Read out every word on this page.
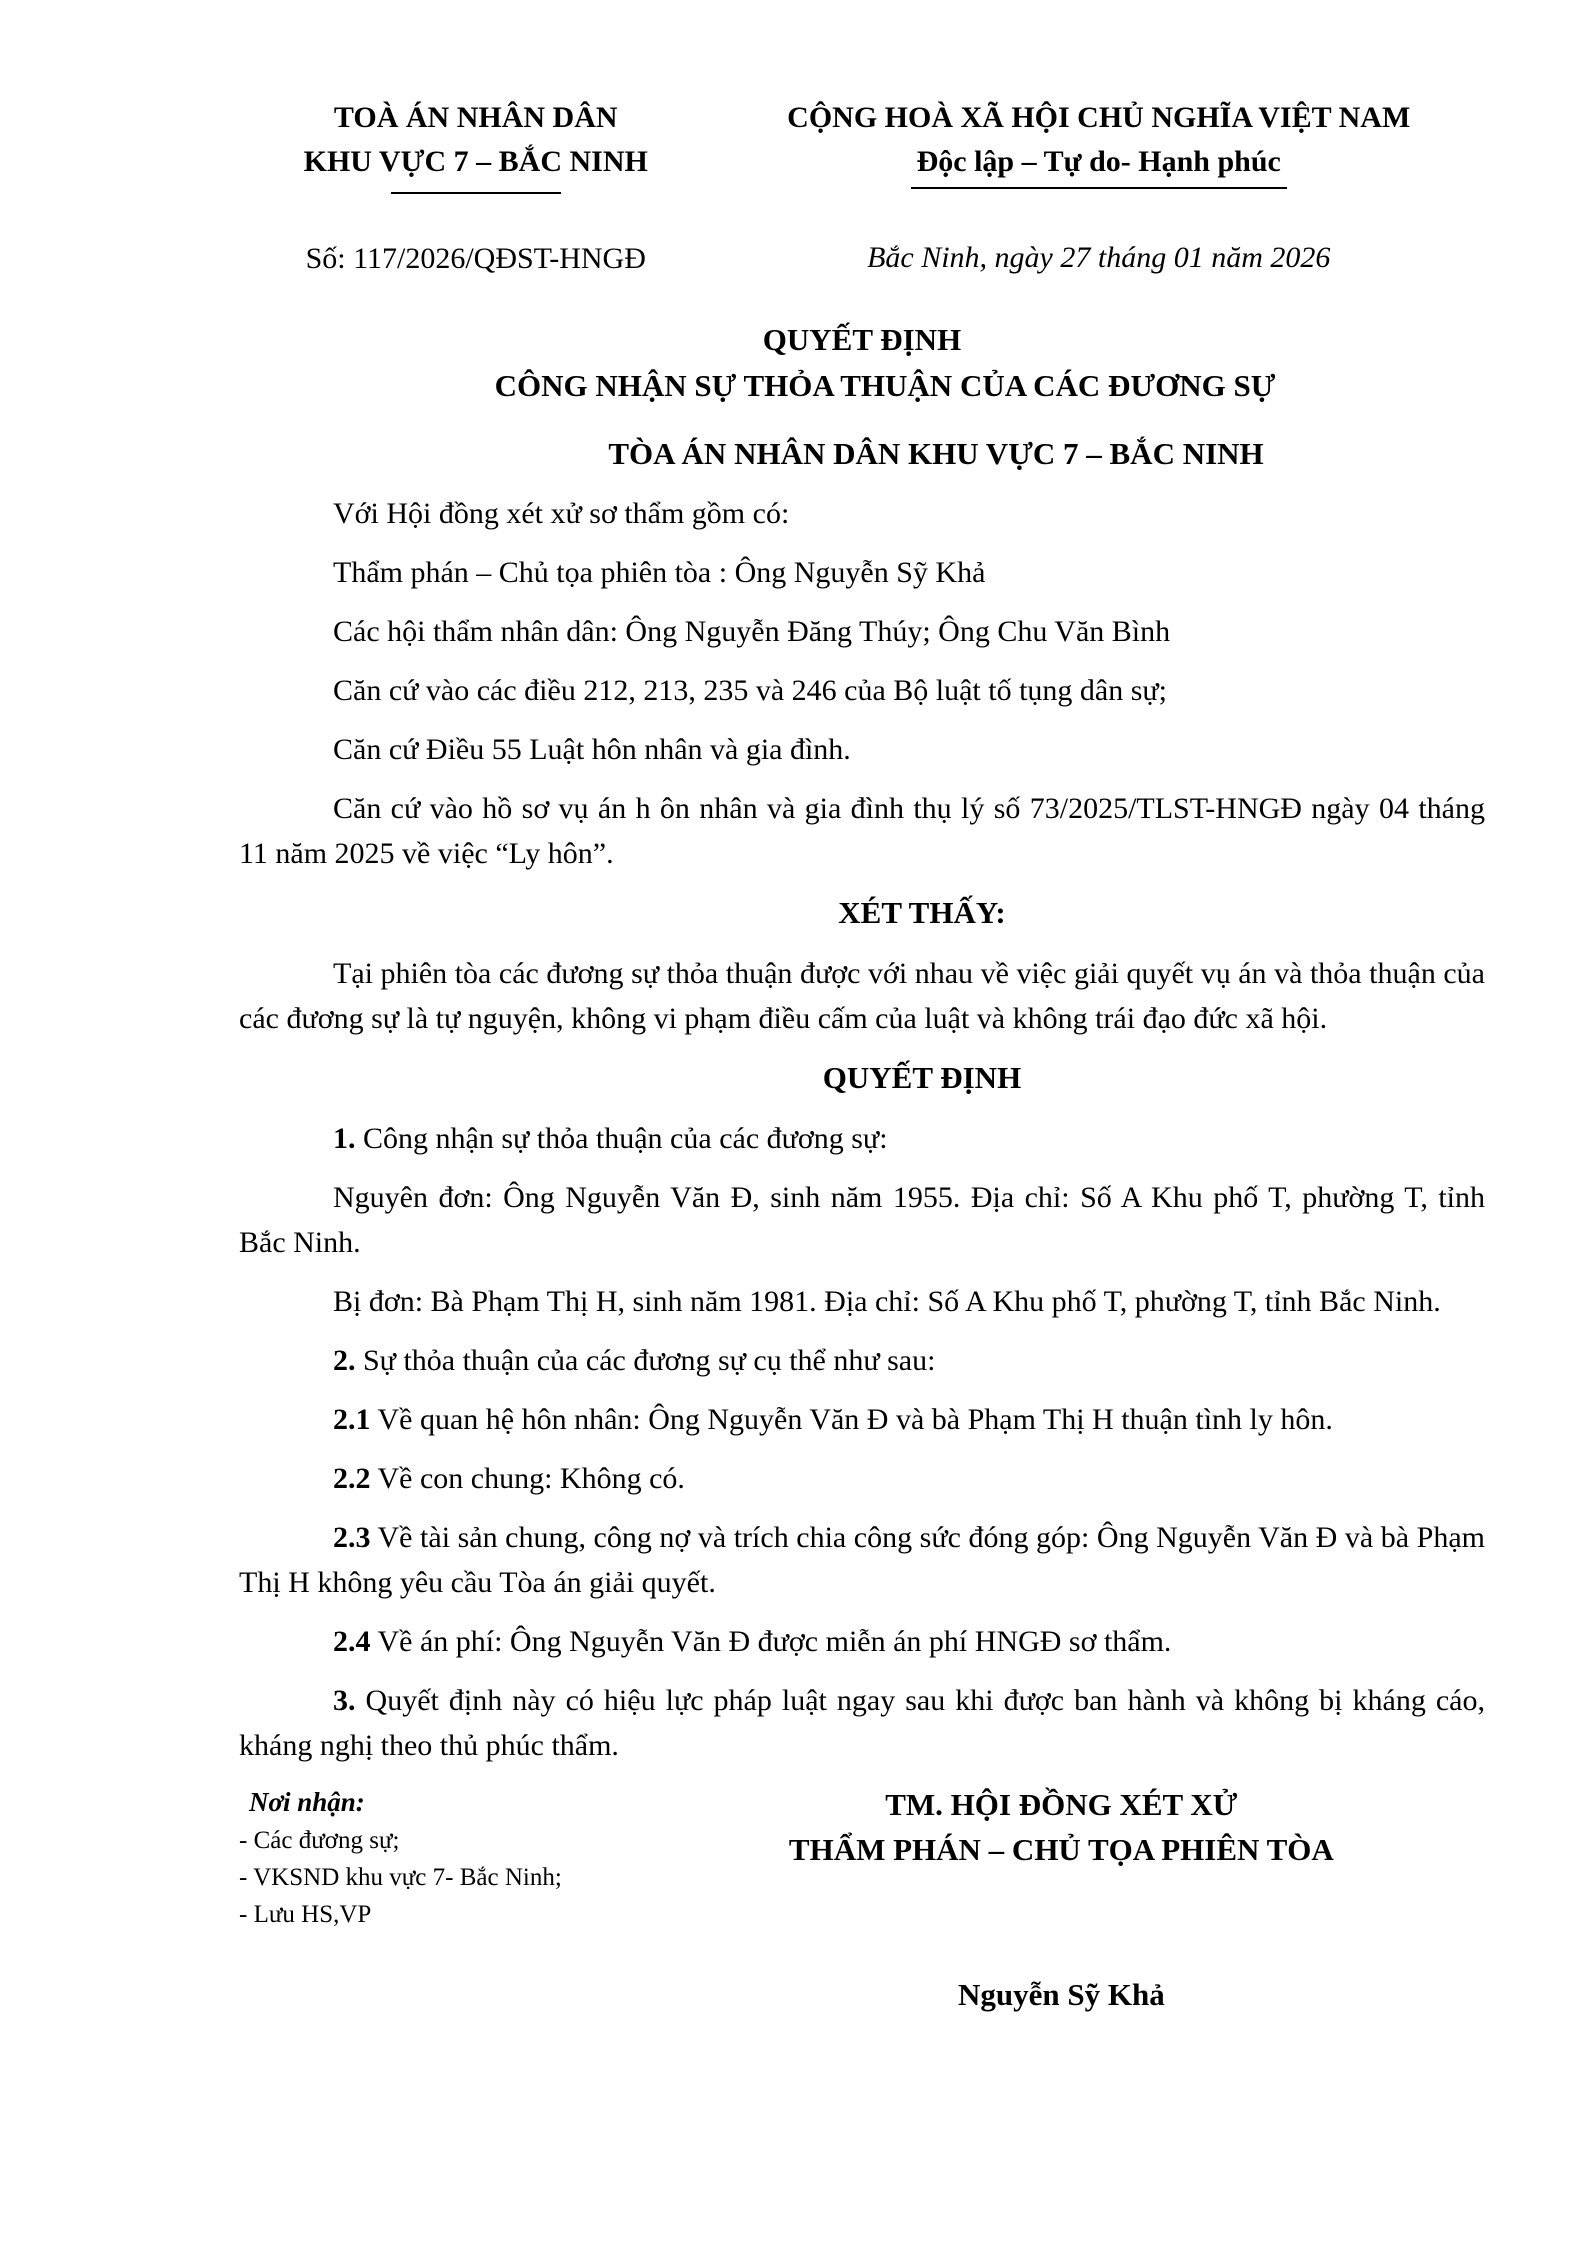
TOÀ ÁN NHÂN DÂN
KHU VỰC 7 – BẮC NINH
Số: 117/2026/QĐST-HNGĐ
CỘNG HOÀ XÃ HỘI CHỦ NGHĨA VIỆT NAM
Độc lập – Tự do- Hạnh phúc
Bắc Ninh, ngày 27 tháng 01 năm 2026
QUYẾT ĐỊNH
CÔNG NHẬN SỰ THỎA THUẬN CỦA CÁC ĐƯƠNG SỰ
TÒA ÁN NHÂN DÂN KHU VỰC 7 – BẮC NINH

Với Hội đồng xét xử sơ thẩm gồm có:

Thẩm phán – Chủ tọa phiên tòa : Ông Nguyễn Sỹ Khả

Các hội thẩm nhân dân: Ông Nguyễn Đăng Thúy; Ông Chu Văn Bình

Căn cứ vào các điều 212, 213, 235 và 246 của Bộ luật tố tụng dân sự;

Căn cứ Điều 55 Luật hôn nhân và gia đình.

Căn cứ vào hồ sơ vụ án h ôn nhân và gia đình thụ lý số 73/2025/TLST-HNGĐ ngày 04 tháng 11 năm 2025 về việc “Ly hôn”.

XÉT THẤY:

Tại phiên tòa các đương sự thỏa thuận được với nhau về việc giải quyết vụ án và thỏa thuận của các đương sự là tự nguyện, không vi phạm điều cấm của luật và không trái đạo đức xã hội.

QUYẾT ĐỊNH

1. Công nhận sự thỏa thuận của các đương sự:

Nguyên đơn: Ông Nguyễn Văn Đ, sinh năm 1955. Địa chỉ: Số A Khu phố T, phường T, tỉnh Bắc Ninh.

Bị đơn: Bà Phạm Thị H, sinh năm 1981. Địa chỉ: Số A Khu phố T, phường T, tỉnh Bắc Ninh.

2. Sự thỏa thuận của các đương sự cụ thể như sau:

2.1 Về quan hệ hôn nhân: Ông Nguyễn Văn Đ và bà Phạm Thị H thuận tình ly hôn.

2.2 Về con chung: Không có.

2.3 Về tài sản chung, công nợ và trích chia công sức đóng góp: Ông Nguyễn Văn Đ và bà Phạm Thị H không yêu cầu Tòa án giải quyết.

2.4 Về án phí: Ông Nguyễn Văn Đ được miễn án phí HNGĐ sơ thẩm.

3. Quyết định này có hiệu lực pháp luật ngay sau khi được ban hành và không bị kháng cáo, kháng nghị theo thủ phúc thẩm.

Nơi nhận:
- Các đương sự;
- VKSND khu vực 7- Bắc Ninh;
- Lưu HS,VP
TM. HỘI ĐỒNG XÉT XỬ
THẨM PHÁN – CHỦ TỌA PHIÊN TÒA
Nguyễn Sỹ Khả
